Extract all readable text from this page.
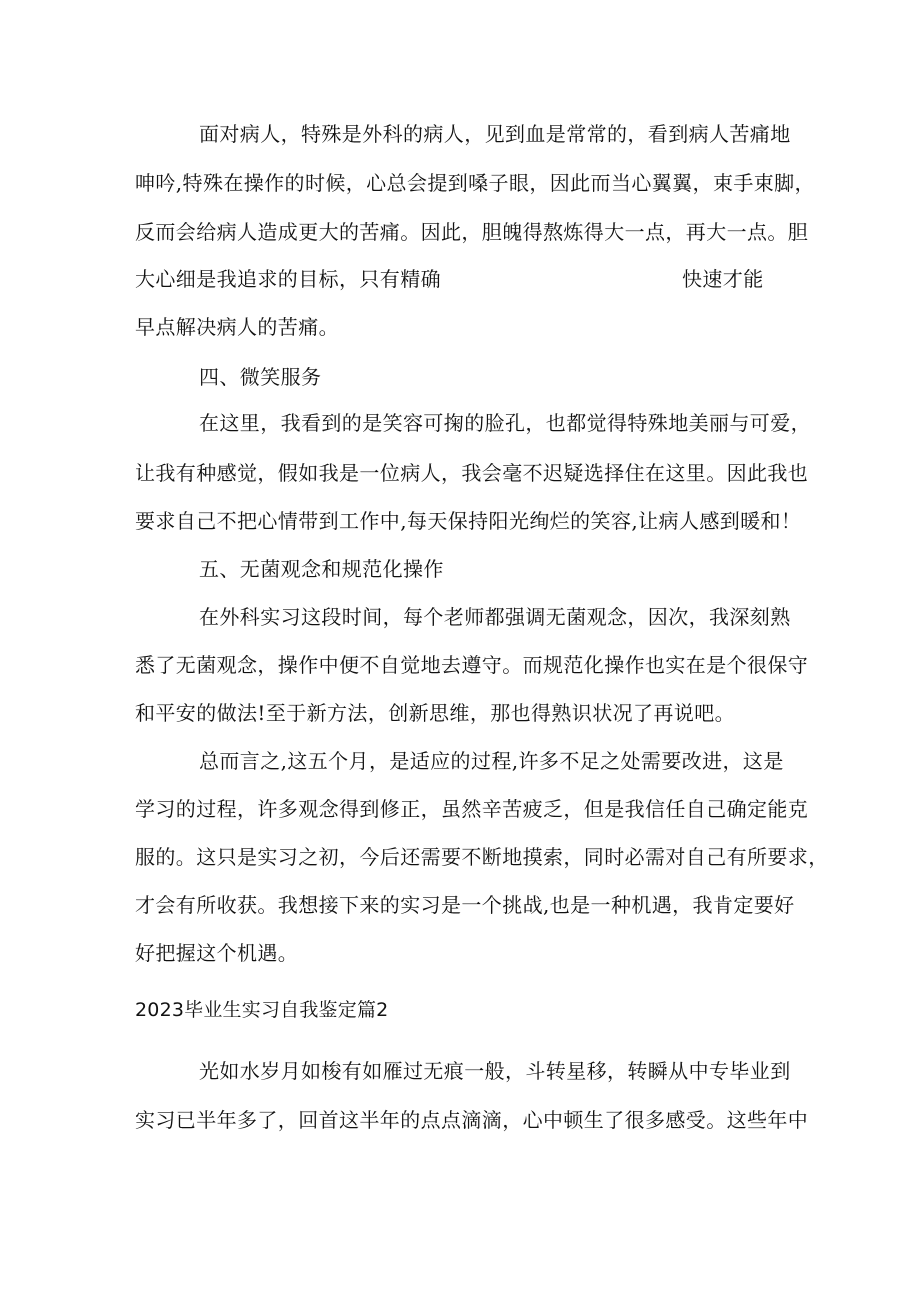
面对病人，特殊是外科的病人，见到血是常常的，看到病人苦痛地
呻吟,特殊在操作的时候，心总会提到嗓子眼，因此而当心翼翼，束手束脚，
反而会给病人造成更大的苦痛。因此，胆魄得熬炼得大一点，再大一点。胆
大心细是我追求的目标，只有精确	快速才能
早点解决病人的苦痛。
四、微笑服务
在这里，我看到的是笑容可掬的脸孔，也都觉得特殊地美丽与可爱，
让我有种感觉，假如我是一位病人，我会毫不迟疑选择住在这里。因此我也
要求自己不把心情带到工作中,每天保持阳光绚烂的笑容,让病人感到暖和！
五、无菌观念和规范化操作
在外科实习这段时间，每个老师都强调无菌观念，因次，我深刻熟
悉了无菌观念，操作中便不自觉地去遵守。而规范化操作也实在是个很保守
和平安的做法!至于新方法，创新思维，那也得熟识状况了再说吧。
总而言之,这五个月，是适应的过程,许多不足之处需要改进，这是
学习的过程，许多观念得到修正，虽然辛苦疲乏，但是我信任自己确定能克
服的。这只是实习之初，今后还需要不断地摸索，同时必需对自己有所要求，
才会有所收获。我想接下来的实习是一个挑战,也是一种机遇，我肯定要好
好把握这个机遇。
2023毕业生实习自我鉴定篇2
光如水岁月如梭有如雁过无痕一般，斗转星移，转瞬从中专毕业到
实习已半年多了，回首这半年的点点滴滴，心中顿生了很多感受。这些年中
